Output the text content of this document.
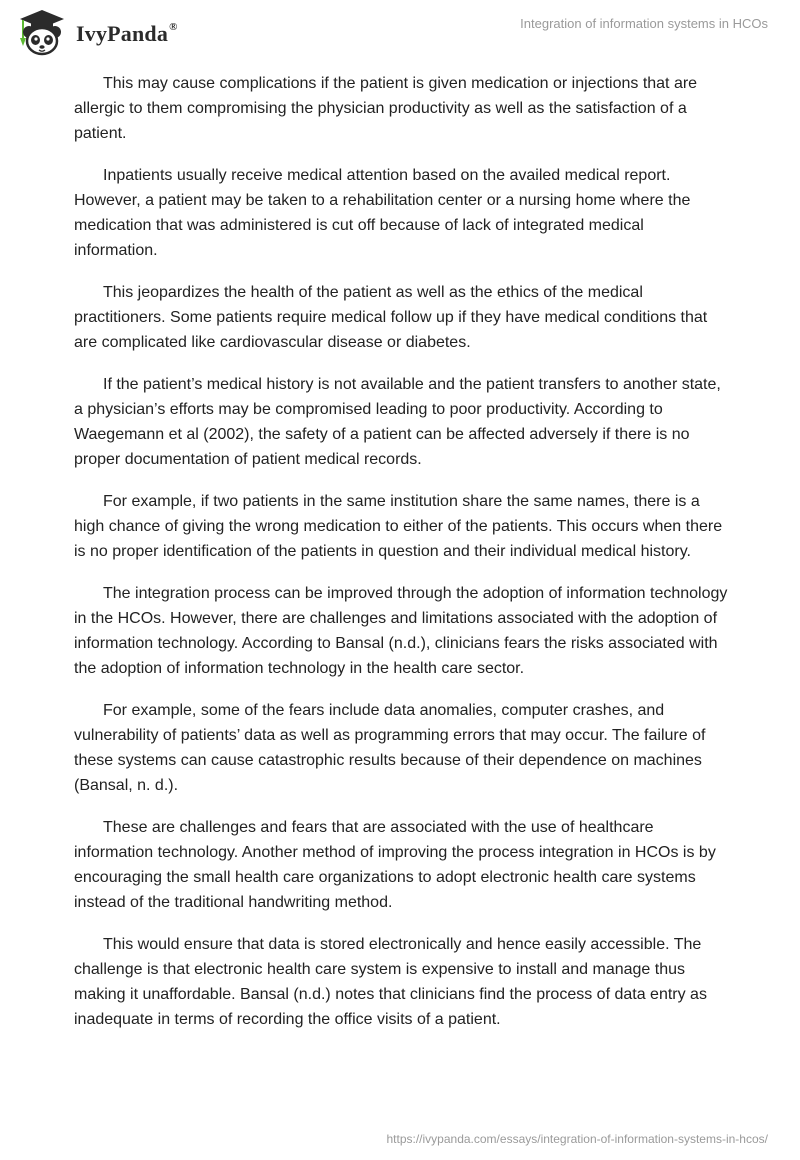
IvyPanda®	Integration of information systems in HCOs

This may cause complications if the patient is given medication or injections that are allergic to them compromising the physician productivity as well as the satisfaction of a patient.

Inpatients usually receive medical attention based on the availed medical report. However, a patient may be taken to a rehabilitation center or a nursing home where the medication that was administered is cut off because of lack of integrated medical information.

This jeopardizes the health of the patient as well as the ethics of the medical practitioners. Some patients require medical follow up if they have medical conditions that are complicated like cardiovascular disease or diabetes.

If the patient’s medical history is not available and the patient transfers to another state, a physician’s efforts may be compromised leading to poor productivity. According to Waegemann et al (2002), the safety of a patient can be affected adversely if there is no proper documentation of patient medical records.

For example, if two patients in the same institution share the same names, there is a high chance of giving the wrong medication to either of the patients. This occurs when there is no proper identification of the patients in question and their individual medical history.

The integration process can be improved through the adoption of information technology in the HCOs. However, there are challenges and limitations associated with the adoption of information technology. According to Bansal (n.d.), clinicians fears the risks associated with the adoption of information technology in the health care sector.

For example, some of the fears include data anomalies, computer crashes, and vulnerability of patients’ data as well as programming errors that may occur. The failure of these systems can cause catastrophic results because of their dependence on machines (Bansal, n. d.).

These are challenges and fears that are associated with the use of healthcare information technology. Another method of improving the process integration in HCOs is by encouraging the small health care organizations to adopt electronic health care systems instead of the traditional handwriting method.

This would ensure that data is stored electronically and hence easily accessible. The challenge is that electronic health care system is expensive to install and manage thus making it unaffordable. Bansal (n.d.) notes that clinicians find the process of data entry as inadequate in terms of recording the office visits of a patient.

https://ivypanda.com/essays/integration-of-information-systems-in-hcos/
